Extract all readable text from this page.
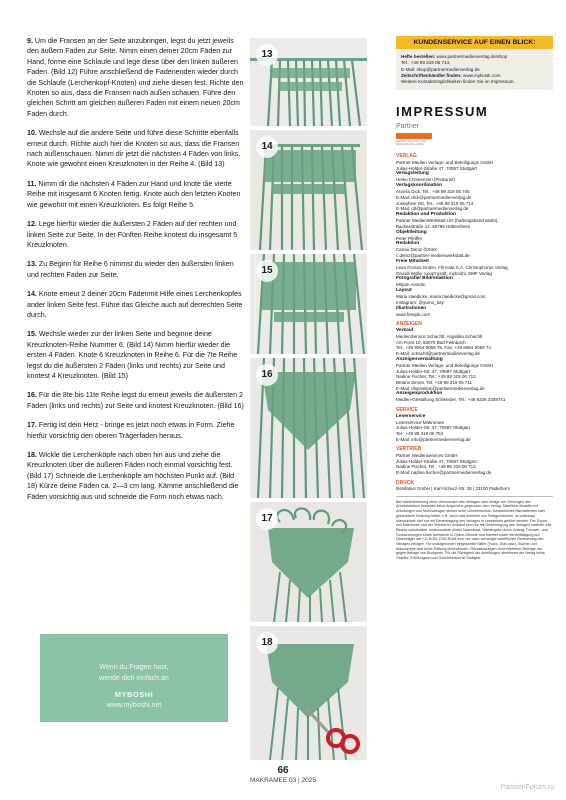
9. Um die Fransen an der Seite anzubringen, legst du jetzt jeweils den äußern Faden zur Seite. Nimm einen deiner 20cm Fäden zur Hand, forme eine Schlaufe und lege diese über den linken äußeren Faden. (Bild 12) Führe anschließend die Fadenenden wieder durch die Schlaufe (Lerchenkopf-Knoten) und ziehe diesen fest. Richte den Knoten so aus, dass die Fransen nach außen schauen. Führe den gleichen Schritt am gleichen äußeren Faden mit einem neuen 20cm Faden durch.

10. Wechsle auf die andere Seite und führe diese Schritte ebenfalls erneut durch. Richte auch hier die Knoten so aus, dass die Fransen nach außenschauen. Nimm dir jetzt die nächsten 4 Fäden von links. Knote wie gewohnt einen Kreuzknoten in der Reihe 4. (Bild 13)

11. Nimm dir die nächsten 4 Fäden zur Hand und knote die vierte Reihe mit insgesamt 6 Knoten fertig. Knote auch den letzten Knoten wie gewohnt mit einen Kreuzknoten. Es folgt Reihe 5.

12. Lege hierfür wieder die äußersten 2 Fäden auf der rechten und linken Seite zur Seite. In der Fünften Reihe knotest du insgesamt 5 Kreuzknoten.

13. Zu Beginn für Reihe 6 nimmst du wieder den äußersten linken und rechten Faden zur Seite.

14. Knote erneut 2 deiner 20cm Fädenmit Hilfe eines Lerchenkopfes ander linken Seite fest. Führe das Gleiche auch auf derrechten Seite durch.

15. Wechsle wieder zur der linken Seite und beginne deine Kreuzknoten-Reihe Nummer 6. (Bild 14) Nimm hierfür wieder die ersten 4 Fäden. Knote 6 Kreuzknoten in Reihe 6. Für die 7te Reihe legst du die äußersten 2 Fäden (links und rechts) zur Seite und knotest 4 Kreuzknoten. (Bild 15)

16. Für die 8te bis 11te Reihe legst du erneut jeweils die äußersten 2 Fäden (links und rechts) zur Seite und knotest Kreuzknoten. (Bild 16)

17. Fertig ist dein Herz - bringe es jetzt noch etwas in Form. Ziehe hierfür vorsichtig den oberen Trägerfaden heraus.

18. Wickle die Lerchenköpfe nach oben hin aus und ziehe die Kreuzknoten über die äußeren Fäden noch einmal vorsichtig fest. (Bild 17) Schneide die Lerchenköpfe am höchsten Punkt auf. (Bild 18) Kürze deine Fäden ca. 2—3 cm lang. Kämme anschließend die Fäden vorsichtig aus und schneide die Form noch etwas nach.

Wenn du Fragen hast,
wende dich einfach an
MYBOSHI
www.myboshi.net
13
14
15
16
17
18
KUNDENSERVICE AUF EINEN BLICK:
Hefte bestellen: www.partnermedienverlag.de/shop
Tel.: +49 89 319 06 714,
E-Mail: shop@partnermedienverlag.de
Zeitschriftenhändler finden: www.mykiosk.com
Weitere Kontaktmöglichkeiten finden Sie im Impressum.
IMPRESSUM
Partner
MEDIEN VERLAGS- UND BETEILIGUNGS GMBH
VERLAG
Partner Medien Verlags- und Beteiligungs GmbH
Julius-Hölder-Straße 47, 70597 Stuttgart
Verlagsleitung
Heiko Christensen (Prokurist)
Verlagskoordination
Aurelia Dick, Tel.: +49 89 319 06 706
E-Mail: dick@partnermedienverlag.de
Josephine Ott, Tel.: +49 89 319 06 714
E-Mail: ott@partnermedienverlag.de
Redaktion und Produktion
Partner MedienWerkstatt UG (haftungsbeschränkt),
Backesstraße 12, 65795 Hattersheim
Objektleitung
Peter Pfeiffer
Redaktion
Canau Deniz-Öztürk
c.deniz@partner-medienwerkstatt.de
Freie Mitarbeit
Lexa Grosso GmbH, Fili Kata S.A. Christophorus Verlag,
Grundl Wolle, Loop'ncraft, myboshi, EMF Verlag
Fotografie/ Bildredaktion
Mirjam Anselm
Layout
Maria Haedicke, maria.haedicke@gmail.com,
Instagram: @yumo_bay
Illustrationen
www.freepik.com
ANZEIGEN
Verkauf
MedienService Schachtl, Angelika Schachtl
Am Point 10, 83075 Bad Feilnbach
Tel.: +49 8064 9059 75, Fax: +49 8064 9059 74
E-Mail: schachtl@partnermedienverlag.de
Anzeigenverwaltung
Partner Medien Verlags- und Beteiligungs GmbH
Julius-Hölder-Str. 47, 70597 Stuttgart
Nadine Fischer, Tel.: +49 89 319 06 713
Beatrix Simon, Tel. +49 89 319 06 711
E-Mail: disposition@partnermedienverlag.de
Anzeigenproduktion
Medien-Gestaltung Schweizer, Tel.: +49 8226 3359741
SERVICE
Leserservice
Leserservice Makromee
Julius-Hölder-Str. 47, 70597 Stuttgart
Tel.: +49 89 319 06 754
E-Mail: info@partnermedienverlag.de
VERTRIEB
Partner Medienservices GmbH
Julius-Hölder-Straße 47, 70597 Stuttgart
Nadine Fischer, Tel.: +49 89 319 06 713
E-Mail: nadine.fischer@partnermedienverlag.de
DRUCK
Bonifatius GmbH | Karl-Schurz-Str. 26 | 33100 Paderborn
Bei Nichtbelieferung ohne Verschulden des Verlages oder infolge von Störungen des Arbeitsfriedens bestehen keine Ansprüche gegenüber dem Verlag. Sämtliche Modelle mit Anleitungen und Motivvorlagen stehen unter Urheberschutz. Gewerbliches Nacharbeiten oder gewerbliche Nutzung Dritter, z.B. durch das Anbieten von Fertigprodukten, ist untersagt. Manuskripte darf nur mit Genehmigung des Verlages in Lesezirkeln geführt werden. Der Export von Makramee und der Vertrieb im Ausland sind nur mit Genehmigung des Verlages statthaft. Alle Rechte vorbehalten. Insbesondere dürfen Nachdruck, Wiedergabe durch Vortrag, Fernseh- und Funksendungen sowie Aufnahme in Online-Dienste und Internet sowie Vervielfältigung auf Datenträger wie CD-ROM, DVD-ROM usw. nur nach vorheriger schriftlicher Zustimmung des Verlages erfolgen. Für unaufgefordert eingesandte Bilder (Fotos, Dias usw.), Bücher und Manuskripte wird keine Haftung übernommen. Rücksendungen nicht erbetener Beiträge nur gegen Beilage von Rückporto. Für die Richtigkeit der Anleitungen übernimmt der Verlag keine Gewähr. Erfüllungsort und Gerichtsstand ist Stuttgart.
66
MAKRAMEE 03 | 2025
PassionForum.ru
